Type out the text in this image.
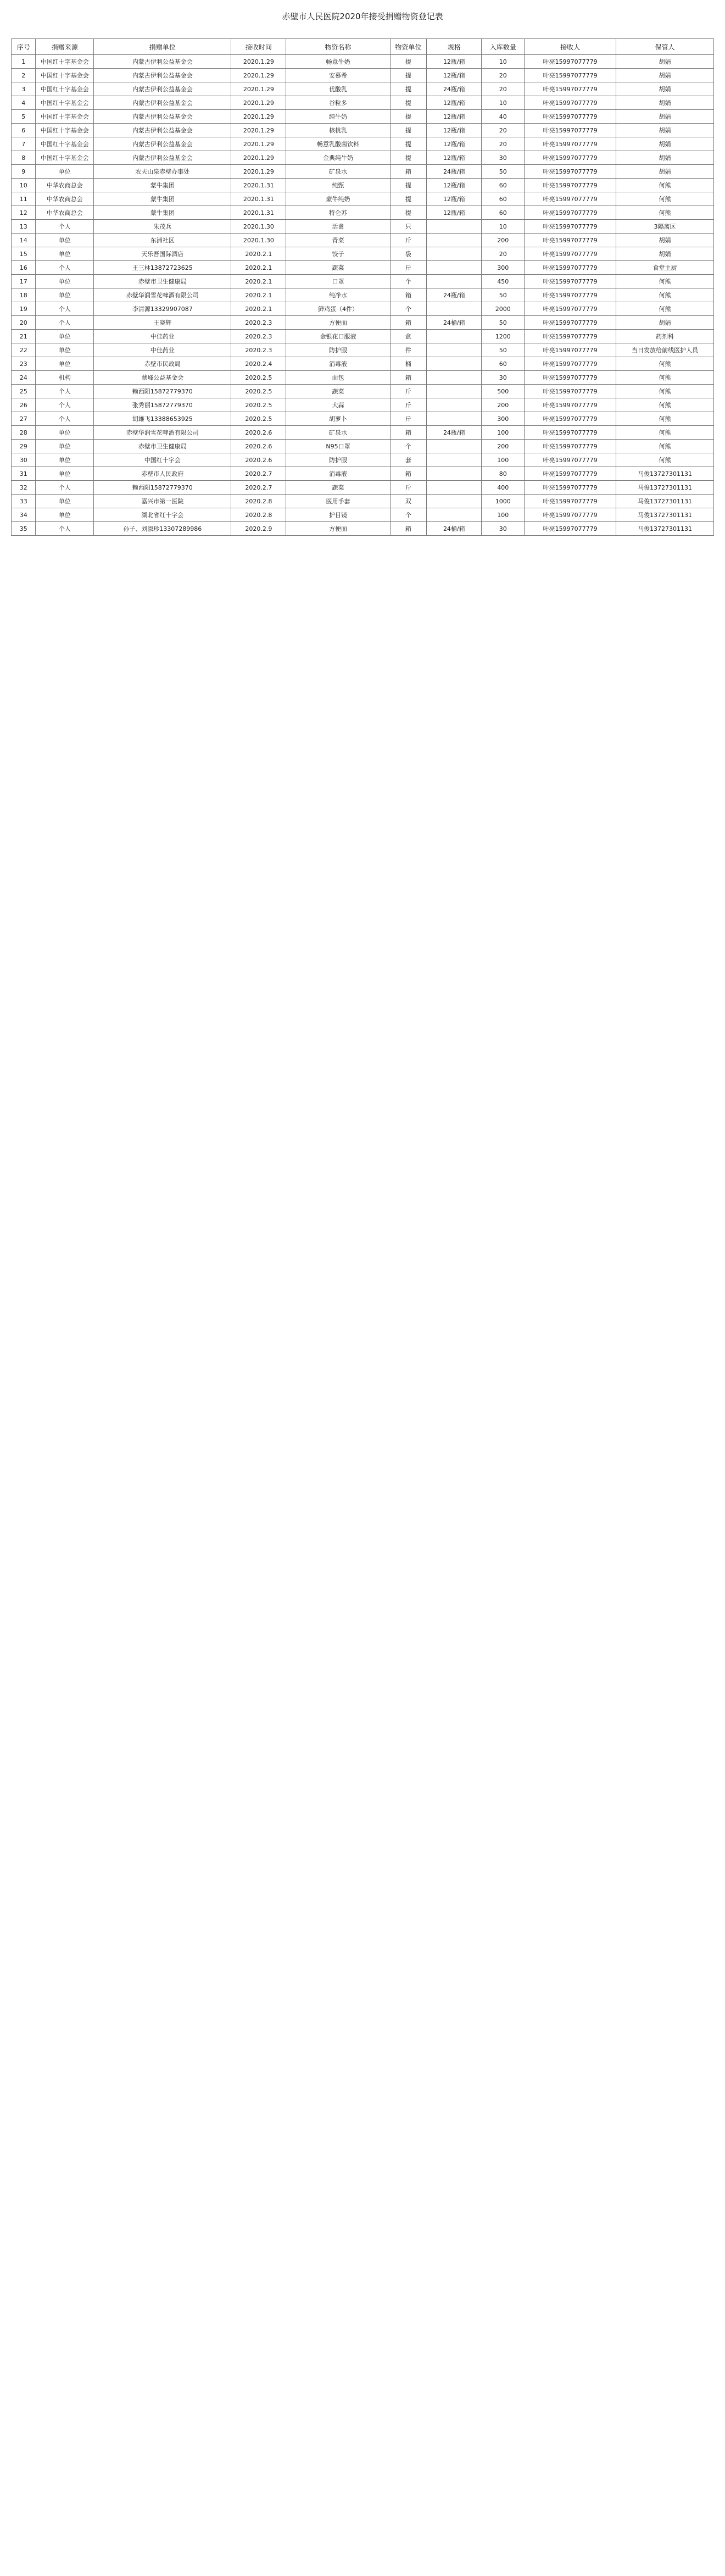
赤壁市人民医院2020年接受捐赠物资登记表
序号	捐赠来源	捐赠单位	接收时间	物资名称	物资单位	规格	入库数量	接收人	保管人
1	中国红十字基金会	内蒙古伊利公益基金会	2020.1.29	畅意牛奶	提	12瓶/箱	10	叶亮15997077779	胡娟
2	中国红十字基金会	内蒙古伊利公益基金会	2020.1.29	安慕希	提	12瓶/箱	20	叶亮15997077779	胡娟
3	中国红十字基金会	内蒙古伊利公益基金会	2020.1.29	优酸乳	提	24瓶/箱	20	叶亮15997077779	胡娟
4	中国红十字基金会	内蒙古伊利公益基金会	2020.1.29	谷粒多	提	12瓶/箱	10	叶亮15997077779	胡娟
5	中国红十字基金会	内蒙古伊利公益基金会	2020.1.29	纯牛奶	提	12瓶/箱	40	叶亮15997077779	胡娟
6	中国红十字基金会	内蒙古伊利公益基金会	2020.1.29	核桃乳	提	12瓶/箱	20	叶亮15997077779	胡娟
7	中国红十字基金会	内蒙古伊利公益基金会	2020.1.29	畅意乳酸菌饮料	提	12瓶/箱	20	叶亮15997077779	胡娟
8	中国红十字基金会	内蒙古伊利公益基金会	2020.1.29	金典纯牛奶	提	12瓶/箱	30	叶亮15997077779	胡娟
9	单位	农夫山泉赤壁办事处	2020.1.29	矿泉水	箱	24瓶/箱	50	叶亮15997077779	胡娟
10	中华农商总会	蒙牛集团	2020.1.31	纯甄	提	12瓶/箱	60	叶亮15997077779	何熊
11	中华农商总会	蒙牛集团	2020.1.31	蒙牛纯奶	提	12瓶/箱	60	叶亮15997077779	何熊
12	中华农商总会	蒙牛集团	2020.1.31	特仑苏	提	12瓶/箱	60	叶亮15997077779	何熊
13	个人	朱茂兵	2020.1.30	活禽	只		10	叶亮15997077779	3隔离区
14	单位	东洲社区	2020.1.30	青菜	斤		200	叶亮15997077779	胡娟
15	单位	天乐吾国际酒店	2020.2.1	饺子	袋		20	叶亮15997077779	胡娟
16	个人	王三林13872723625	2020.2.1	蔬菜	斤		300	叶亮15997077779	食堂主厨
17	单位	赤壁市卫生健康局	2020.2.1	口罩	个		450	叶亮15997077779	何熊
18	单位	赤壁华润雪花啤酒有限公司	2020.2.1	纯净水	箱	24瓶/箱	50	叶亮15997077779	何熊
19	个人	李清源13329907087	2020.2.1	鲜鸡蛋（4件）	个		2000	叶亮15997077779	何熊
20	个人	王晓辉	2020.2.3	方便面	箱	24桶/箱	50	叶亮15997077779	胡娟
21	单位	中佳药业	2020.2.3	金银花口服液	盒		1200	叶亮15997077779	药剂科
22	单位	中佳药业	2020.2.3	防护服	件		50	叶亮15997077779	当日发放给前线医护人员
23	单位	赤壁市民政局	2020.2.4	消毒液	桶		60	叶亮15997077779	何熊
24	机构	慧峰公益基金会	2020.2.5	面包	箱		30	叶亮15997077779	何熊
25	个人	赖西阳15872779370	2020.2.5	蔬菜	斤		500	叶亮15997077779	何熊
26	个人	张秀丽15872779370	2020.2.5	大蒜	斤		200	叶亮15997077779	何熊
27	个人	胡雄飞13388653925	2020.2.5	胡萝卜	斤		300	叶亮15997077779	何熊
28	单位	赤壁华润雪花啤酒有限公司	2020.2.6	矿泉水	箱	24瓶/箱	100	叶亮15997077779	何熊
29	单位	赤壁市卫生健康局	2020.2.6	N95口罩	个		200	叶亮15997077779	何熊
30	单位	中国红十字会	2020.2.6	防护服	套		100	叶亮15997077779	何熊
31	单位	赤壁市人民政府	2020.2.7	消毒液	箱		80	叶亮15997077779	马俊13727301131
32	个人	赖西阳15872779370	2020.2.7	蔬菜	斤		400	叶亮15997077779	马俊13727301131
33	单位	嘉兴市第一医院	2020.2.8	医用手套	双		1000	叶亮15997077779	马俊13727301131
34	单位	湖北省红十字会	2020.2.8	护目镜	个		100	叶亮15997077779	马俊13727301131
35	个人	孙子、刘淑珍13307289986	2020.2.9	方便面	箱	24桶/箱	30	叶亮15997077779	马俊13727301131
